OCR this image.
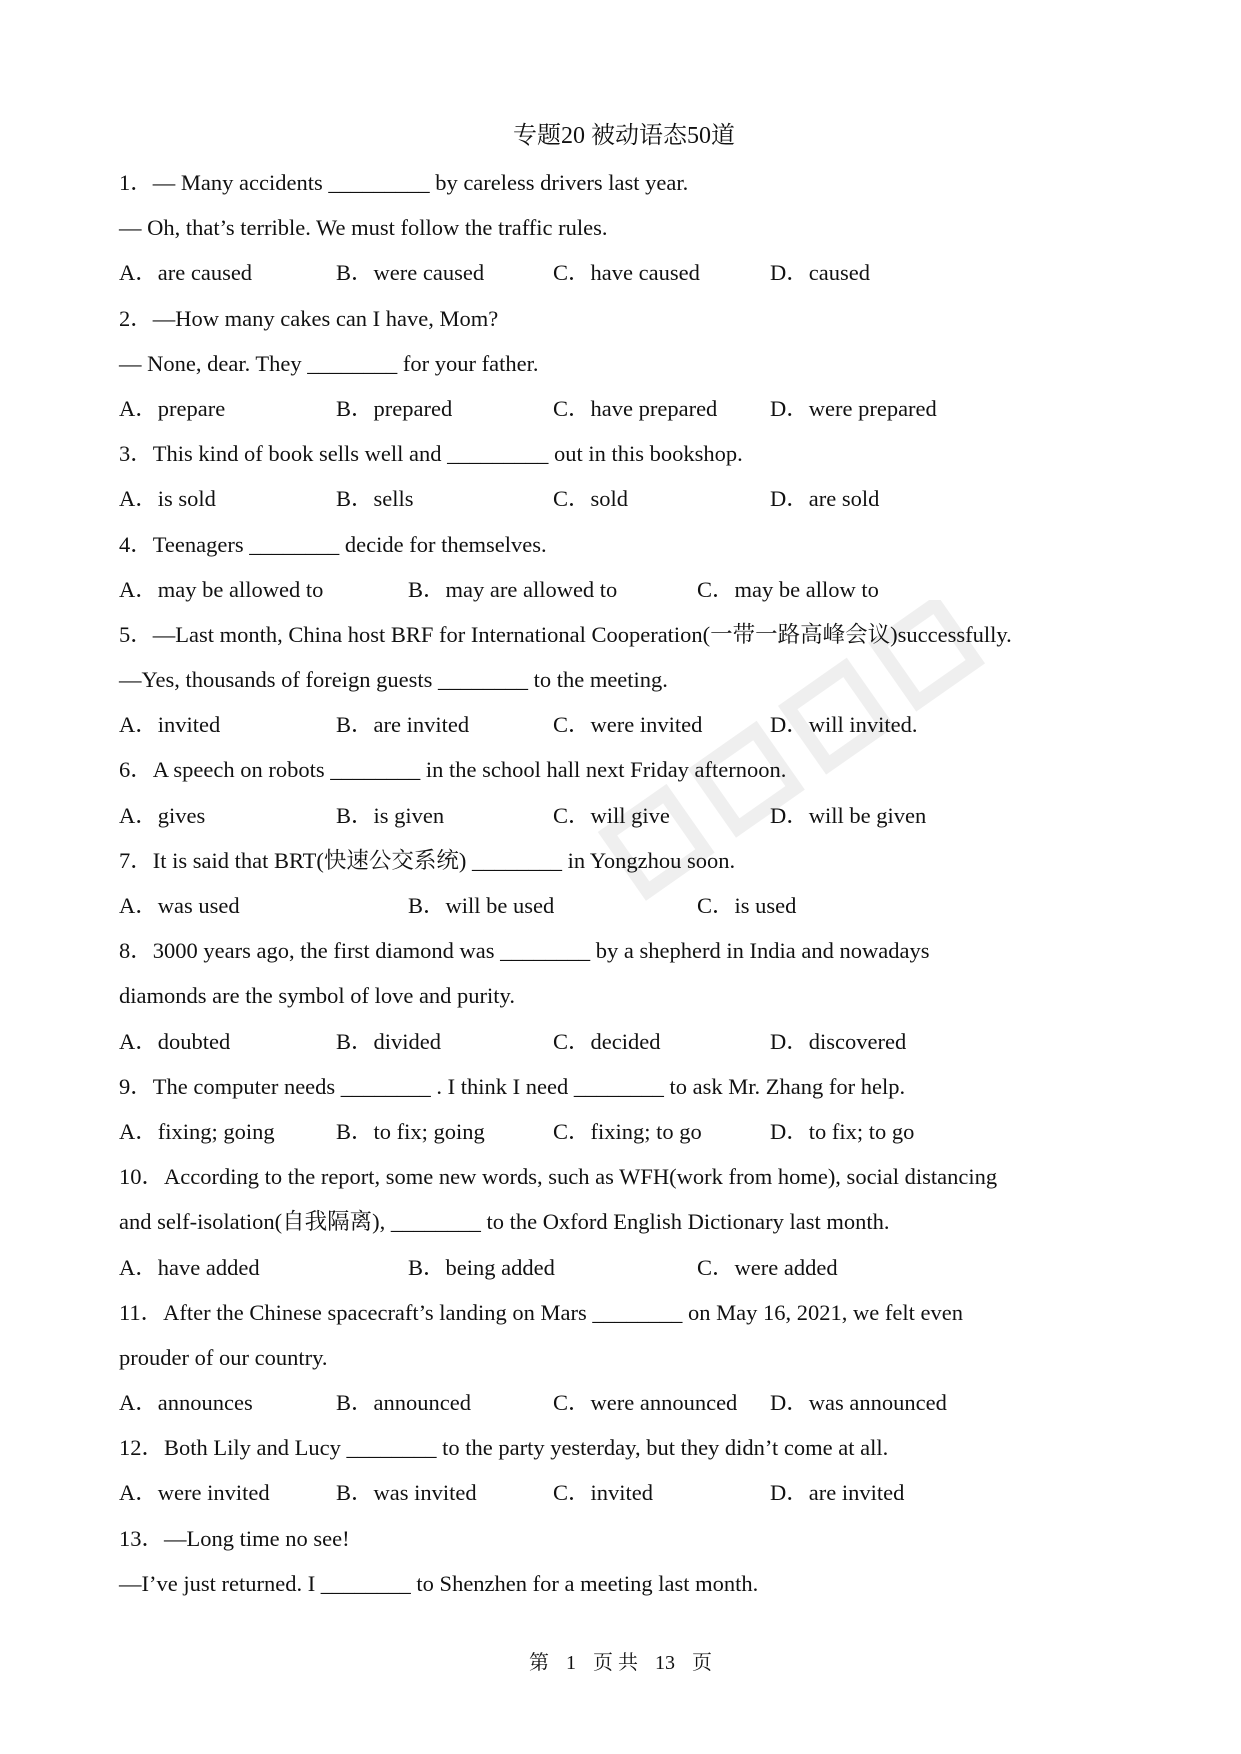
专题20 被动语态50道
1．— Many accidents _________ by careless drivers last year.
— Oh, that’s terrible. We must follow the traffic rules.
A．are caused	B．were caused	C．have caused	D．caused
2．—How many cakes can I have, Mom?
— None, dear. They ________ for your father.
A．prepare	B．prepared	C．have prepared	D．were prepared
3．This kind of book sells well and _________ out in this bookshop.
A．is sold	B．sells	C．sold	D．are sold
4．Teenagers ________ decide for themselves.
A．may be allowed to	B．may are allowed to	C．may be allow to
5．—Last month, China host BRF for International Cooperation(一带一路高峰会议)successfully.
—Yes, thousands of foreign guests ________ to the meeting.
A．invited	B．are invited	C．were invited	D．will invited.
6．A speech on robots ________ in the school hall next Friday afternoon.
A．gives	B．is given	C．will give	D．will be given
7．It is said that BRT(快速公交系统) ________ in Yongzhou soon.
A．was used	B．will be used	C．is used
8．3000 years ago, the first diamond was ________ by a shepherd in India and nowadays
diamonds are the symbol of love and purity.
A．doubted	B．divided	C．decided	D．discovered
9．The computer needs ________ . I think I need ________ to ask Mr. Zhang for help.
A．fixing; going	B．to fix; going	C．fixing; to go	D．to fix; to go
10．According to the report, some new words, such as WFH(work from home), social distancing
and self-isolation(自我隔离), ________ to the Oxford English Dictionary last month.
A．have added	B．being added	C．were added
11．After the Chinese spacecraft’s landing on Mars ________ on May 16, 2021, we felt even
prouder of our country.
A．announces	B．announced	C．were announced	D．was announced
12．Both Lily and Lucy ________ to the party yesterday, but they didn’t come at all.
A．were invited	B．was invited	C．invited	D．are invited
13．—Long time no see!
—I’ve just returned. I ________ to Shenzhen for a meeting last month.
第 1 页 共 13 页
